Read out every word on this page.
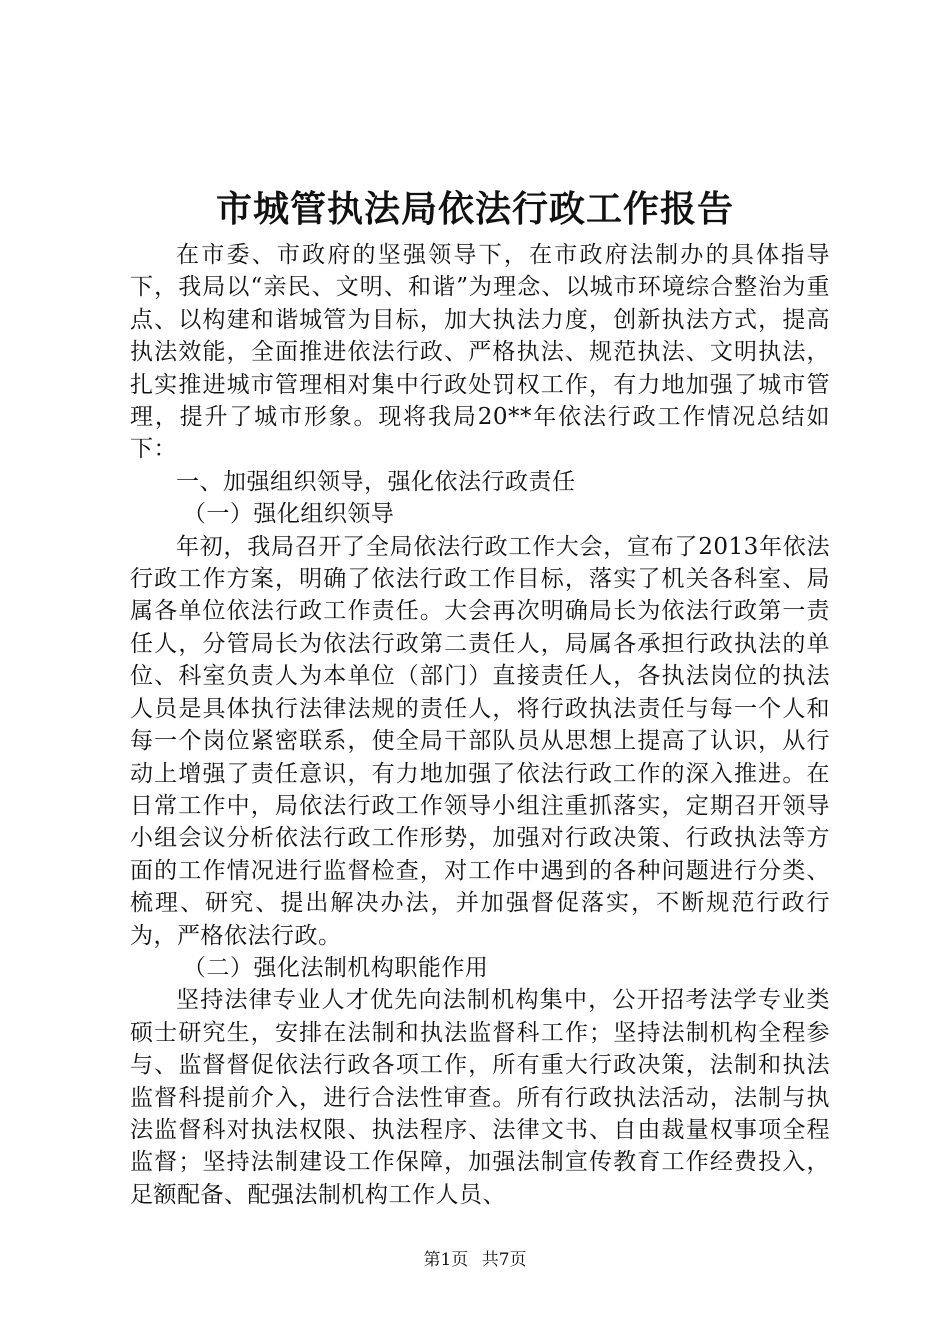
市城管执法局依法行政工作报告

在市委、市政府的坚强领导下，在市政府法制办的具体指导下，我局以“亲民、文明、和谐”为理念、以城市环境综合整治为重点、以构建和谐城管为目标，加大执法力度，创新执法方式，提高执法效能，全面推进依法行政、严格执法、规范执法、文明执法，扎实推进城市管理相对集中行政处罚权工作，有力地加强了城市管理，提升了城市形象。现将我局20**年依法行政工作情况总结如下：

一、加强组织领导，强化依法行政责任

（一）强化组织领导

年初，我局召开了全局依法行政工作大会，宣布了2013年依法行政工作方案，明确了依法行政工作目标，落实了机关各科室、局属各单位依法行政工作责任。大会再次明确局长为依法行政第一责任人，分管局长为依法行政第二责任人，局属各承担行政执法的单位、科室负责人为本单位（部门）直接责任人，各执法岗位的执法人员是具体执行法律法规的责任人，将行政执法责任与每一个人和每一个岗位紧密联系，使全局干部队员从思想上提高了认识，从行动上增强了责任意识，有力地加强了依法行政工作的深入推进。在日常工作中，局依法行政工作领导小组注重抓落实，定期召开领导小组会议分析依法行政工作形势，加强对行政决策、行政执法等方面的工作情况进行监督检查，对工作中遇到的各种问题进行分类、梳理、研究、提出解决办法，并加强督促落实，不断规范行政行为，严格依法行政。

（二）强化法制机构职能作用

坚持法律专业人才优先向法制机构集中，公开招考法学专业类硕士研究生，安排在法制和执法监督科工作；坚持法制机构全程参与、监督督促依法行政各项工作，所有重大行政决策，法制和执法监督科提前介入，进行合法性审查。所有行政执法活动，法制与执法监督科对执法权限、执法程序、法律文书、自由裁量权事项全程监督；坚持法制建设工作保障，加强法制宣传教育工作经费投入，足额配备、配强法制机构工作人员、

第1页 共7页
